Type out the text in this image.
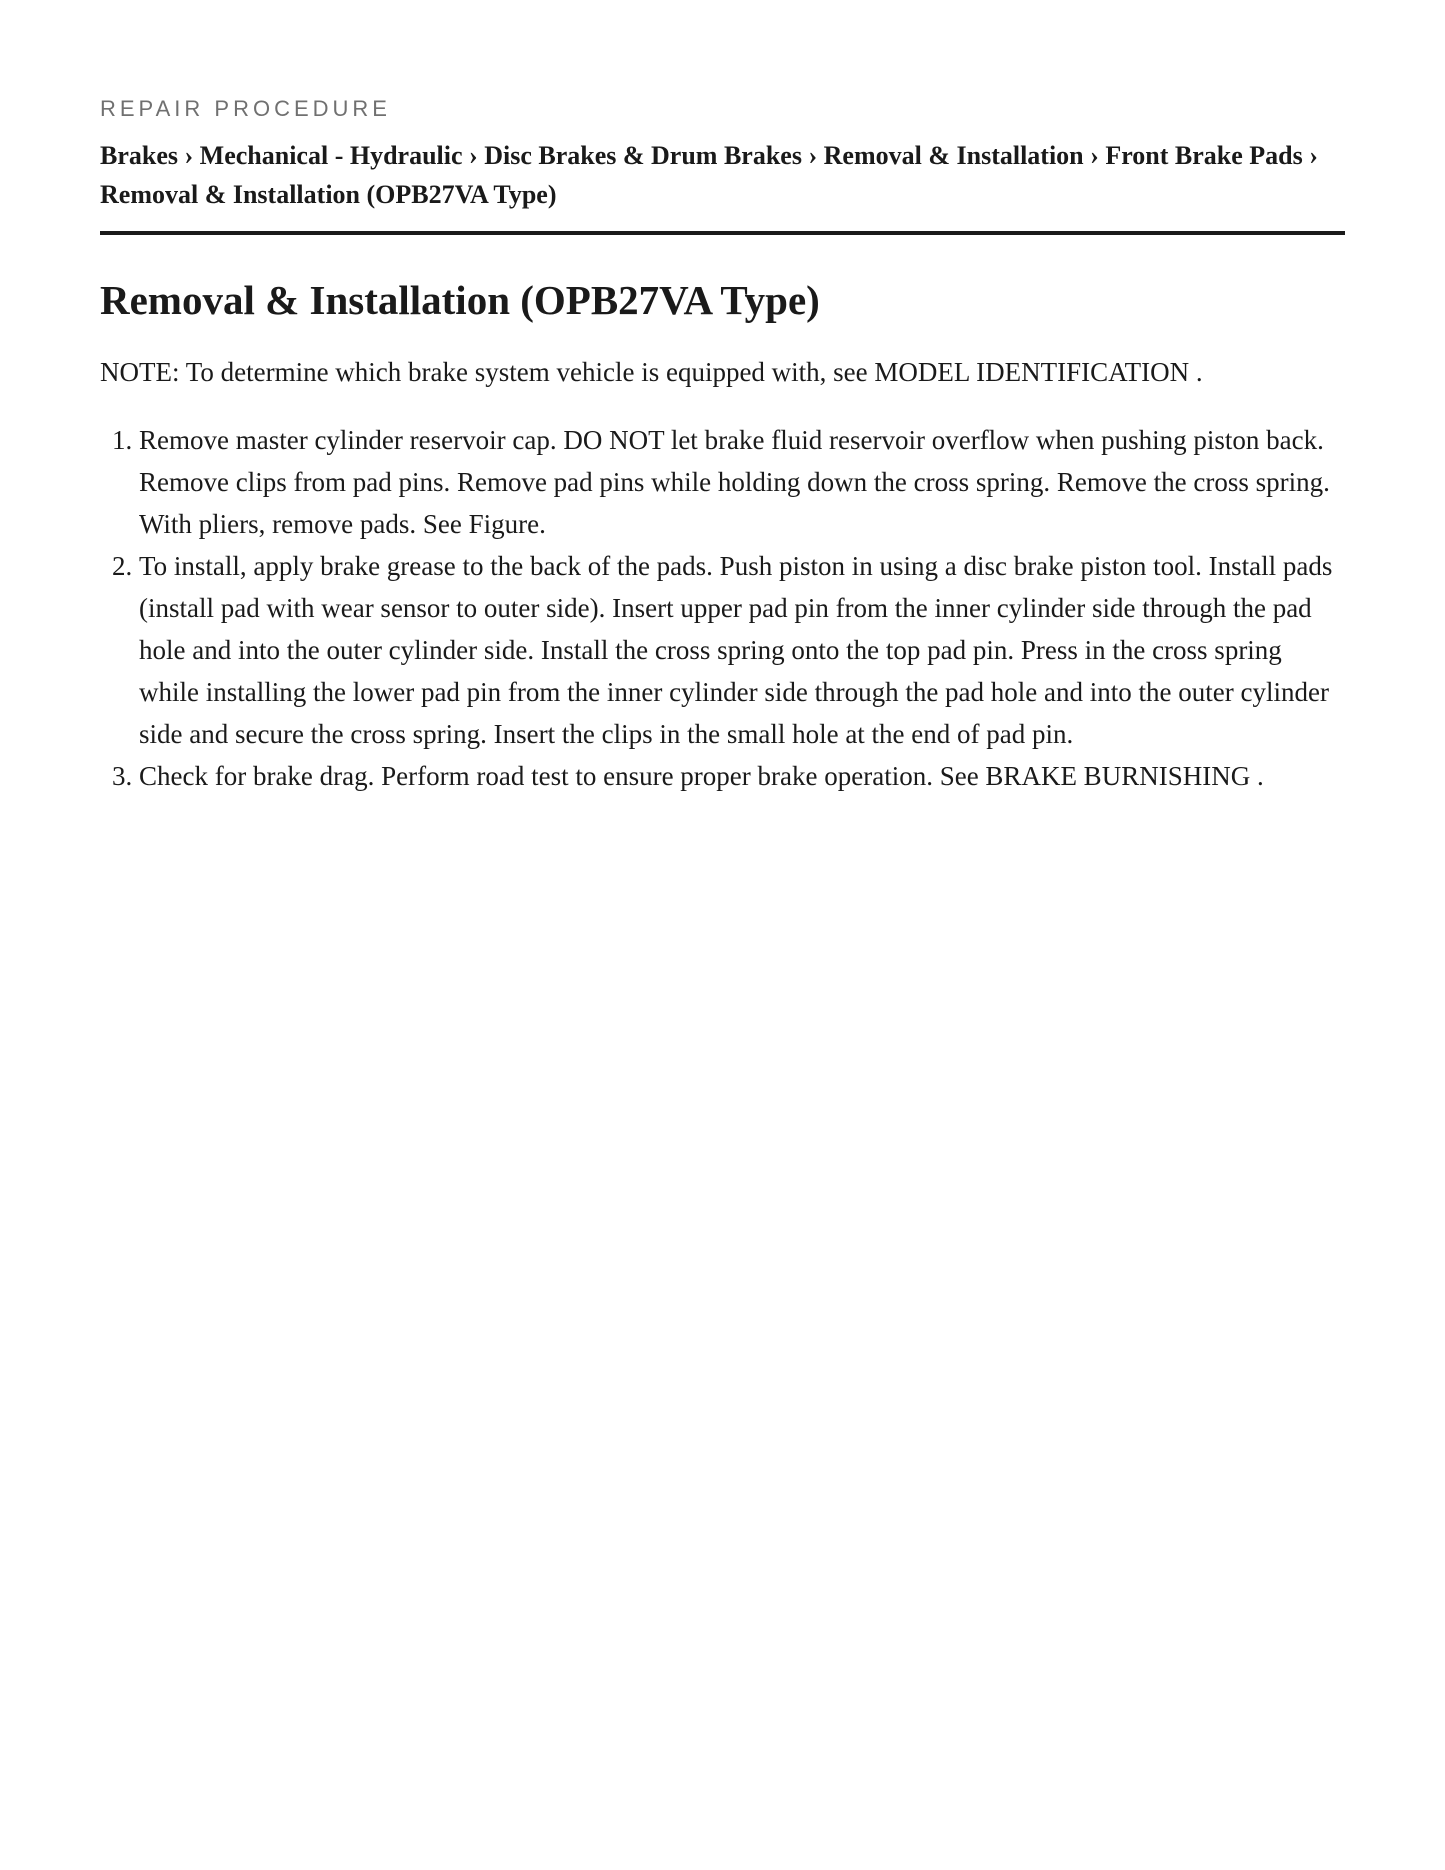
REPAIR PROCEDURE
Brakes › Mechanical - Hydraulic › Disc Brakes & Drum Brakes › Removal & Installation › Front Brake Pads › Removal & Installation (OPB27VA Type)
Removal & Installation (OPB27VA Type)

NOTE: To determine which brake system vehicle is equipped with, see MODEL IDENTIFICATION .

1. Remove master cylinder reservoir cap. DO NOT let brake fluid reservoir overflow when pushing piston back. Remove clips from pad pins. Remove pad pins while holding down the cross spring. Remove the cross spring. With pliers, remove pads. See Figure.
2. To install, apply brake grease to the back of the pads. Push piston in using a disc brake piston tool. Install pads (install pad with wear sensor to outer side). Insert upper pad pin from the inner cylinder side through the pad hole and into the outer cylinder side. Install the cross spring onto the top pad pin. Press in the cross spring while installing the lower pad pin from the inner cylinder side through the pad hole and into the outer cylinder side and secure the cross spring. Insert the clips in the small hole at the end of pad pin.
3. Check for brake drag. Perform road test to ensure proper brake operation. See BRAKE BURNISHING .
